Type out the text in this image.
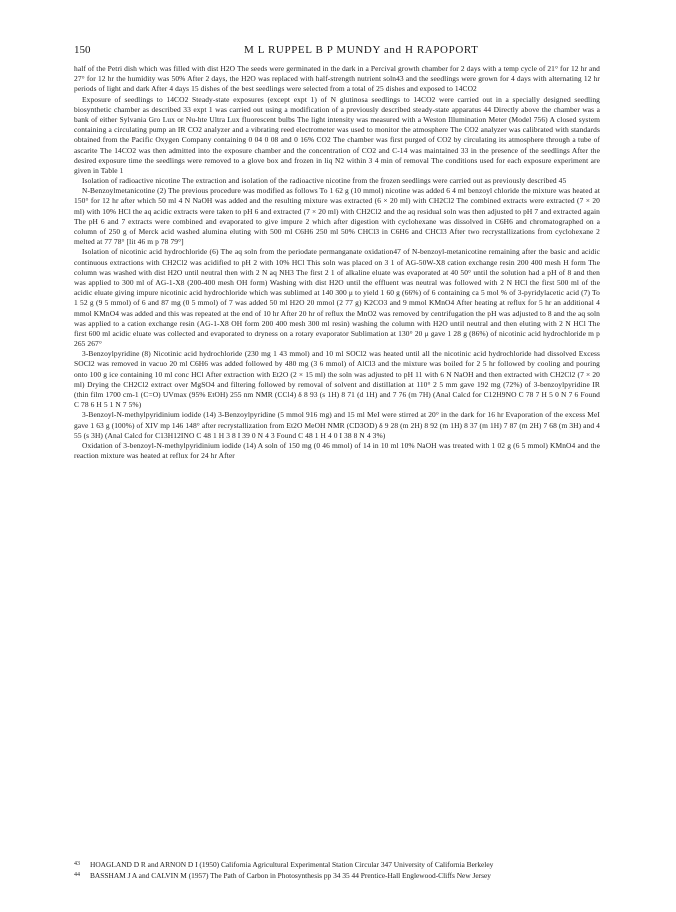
150	M L RUPPEL B P MUNDY and H RAPOPORT

half of the Petri dish which was filled with dist H2O The seeds were germinated in the dark in a Percival growth chamber for 2 days with a temp cycle of 21° for 12 hr and 27° for 12 hr the humidity was 50% After 2 days, the H2O was replaced with half-strength nutrient soln43 and the seedlings were grown for 4 days with alternating 12 hr periods of light and dark After 4 days 15 dishes of the best seedlings were selected from a total of 25 dishes and exposed to 14CO2

Exposure of seedlings to 14CO2 Steady-state exposures (except expt 1) of N glutinosa seedlings to 14CO2 were carried out in a specially designed seedling biosynthetic chamber as described 33 expt 1 was carried out using a modification of a previously described steady-state apparatus 44 Directly above the chamber was a bank of either Sylvania Gro Lux or Nu-hte Ultra Lux fluorescent bulbs The light intensity was measured with a Weston Illumination Meter (Model 756) A closed system containing a circulating pump an IR CO2 analyzer and a vibrating reed electrometer was used to monitor the atmosphere The CO2 analyzer was calibrated with standards obtained from the Pacific Oxygen Company containing 0 04 0 08 and 0 16% CO2 The chamber was first purged of CO2 by circulating its atmosphere through a tube of ascarite The 14CO2 was then admitted into the exposure chamber and the concentration of CO2 and C-14 was maintained 33 in the presence of the seedlings After the desired exposure time the seedlings were removed to a glove box and frozen in liq N2 within 3 4 min of removal The conditions used for each exposure experiment are given in Table 1

Isolation of radioactive nicotine The extraction and isolation of the radioactive nicotine from the frozen seedlings were carried out as previously described 45

N-Benzoylmetanicotine (2) The previous procedure was modified as follows To 1 62 g (10 mmol) nicotine was added 6 4 ml benzoyl chloride the mixture was heated at 150° for 12 hr after which 50 ml 4 N NaOH was added and the resulting mixture was extracted (6 × 20 ml) with CH2Cl2 The combined extracts were extracted (7 × 20 ml) with 10% HCl the aq acidic extracts were taken to pH 6 and extracted (7 × 20 ml) with CH2Cl2 and the aq residual soln was then adjusted to pH 7 and extracted again The pH 6 and 7 extracts were combined and evaporated to give impure 2 which after digestion with cyclohexane was dissolved in C6H6 and chromatographed on a column of 250 g of Merck acid washed alumina eluting with 500 ml C6H6 250 ml 50% CHCl3 in C6H6 and CHCl3 After two recrystallizations from cyclohexane 2 melted at 77 78° [lit 46 m p 78 79°]

Isolation of nicotinic acid hydrochloride (6) The aq soln from the periodate permanganate oxidation47 of N-benzoyl-metanicotine remaining after the basic and acidic continuous extractions with CH2Cl2 was acidified to pH 2 with 10% HCl This soln was placed on 3 1 of AG-50W-X8 cation exchange resin 200 400 mesh H form The column was washed with dist H2O until neutral then with 2 N aq NH3 The first 2 1 of alkaline eluate was evaporated at 40 50° until the solution had a pH of 8 and then was applied to 300 ml of AG-1-X8 (200-400 mesh OH form) Washing with dist H2O until the effluent was neutral was followed with 2 N HCl the first 500 ml of the acidic eluate giving impure nicotinic acid hydrochloride which was sublimed at 140 300 μ to yield 1 60 g (66%) of 6 containing ca 5 mol % of 3-pyridylacetic acid (7) To 1 52 g (9 5 mmol) of 6 and 87 mg (0 5 mmol) of 7 was added 50 ml H2O 20 mmol (2 77 g) K2CO3 and 9 mmol KMnO4 After heating at reflux for 5 hr an additional 4 mmol KMnO4 was added and this was repeated at the end of 10 hr After 20 hr of reflux the MnO2 was removed by centrifugation the pH was adjusted to 8 and the aq soln was applied to a cation exchange resin (AG-1-X8 OH form 200 400 mesh 300 ml resin) washing the column with H2O until neutral and then eluting with 2 N HCl The first 600 ml acidic eluate was collected and evaporated to dryness on a rotary evaporator Sublimation at 130° 20 μ gave 1 28 g (86%) of nicotinic acid hydrochloride m p 265 267°

3-Benzoylpyridine (8) Nicotinic acid hydrochloride (230 mg 1 43 mmol) and 10 ml SOCl2 was heated until all the nicotinic acid hydrochloride had dissolved Excess SOCl2 was removed in vacuo 20 ml C6H6 was added followed by 480 mg (3 6 mmol) of AlCl3 and the mixture was boiled for 2 5 hr followed by cooling and pouring onto 100 g ice containing 10 ml conc HCl After extraction with Et2O (2 × 15 ml) the soln was adjusted to pH 11 with 6 N NaOH and then extracted with CH2Cl2 (7 × 20 ml) Drying the CH2Cl2 extract over MgSO4 and filtering followed by removal of solvent and distillation at 110° 2 5 mm gave 192 mg (72%) of 3-benzoylpyridine IR (thin film 1700 cm-1 (C=O) UVmax (95% EtOH) 255 nm NMR (CCl4) δ 8 93 (s 1H) 8 71 (d 1H) and 7 76 (m 7H) (Anal Calcd for C12H9NO C 78 7 H 5 0 N 7 6 Found C 78 6 H 5 1 N 7 5%)

3-Benzoyl-N-methylpyridinium iodide (14) 3-Benzoylpyridine (5 mmol 916 mg) and 15 ml MeI were stirred at 20° in the dark for 16 hr Evaporation of the excess MeI gave 1 63 g (100%) of XIV mp 146 148° after recrystallization from Et2O MeOH NMR (CD3OD) δ 9 28 (m 2H) 8 92 (m 1H) 8 37 (m 1H) 7 87 (m 2H) 7 68 (m 3H) and 4 55 (s 3H) (Anal Calcd for C13H12INO C 48 1 H 3 8 I 39 0 N 4 3 Found C 48 1 H 4 0 I 38 8 N 4 3%)

Oxidation of 3-benzoyl-N-methylpyridinium iodide (14) A soln of 150 mg (0 46 mmol) of 14 in 10 ml 10% NaOH was treated with 1 02 g (6 5 mmol) KMnO4 and the reaction mixture was heated at reflux for 24 hr After

43 HOAGLAND D R and ARNON D I (1950) California Agricultural Experimental Station Circular 347 University of California Berkeley

44 BASSHAM J A and CALVIN M (1957) The Path of Carbon in Photosynthesis pp 34 35 44 Prentice-Hall Englewood-Cliffs New Jersey
